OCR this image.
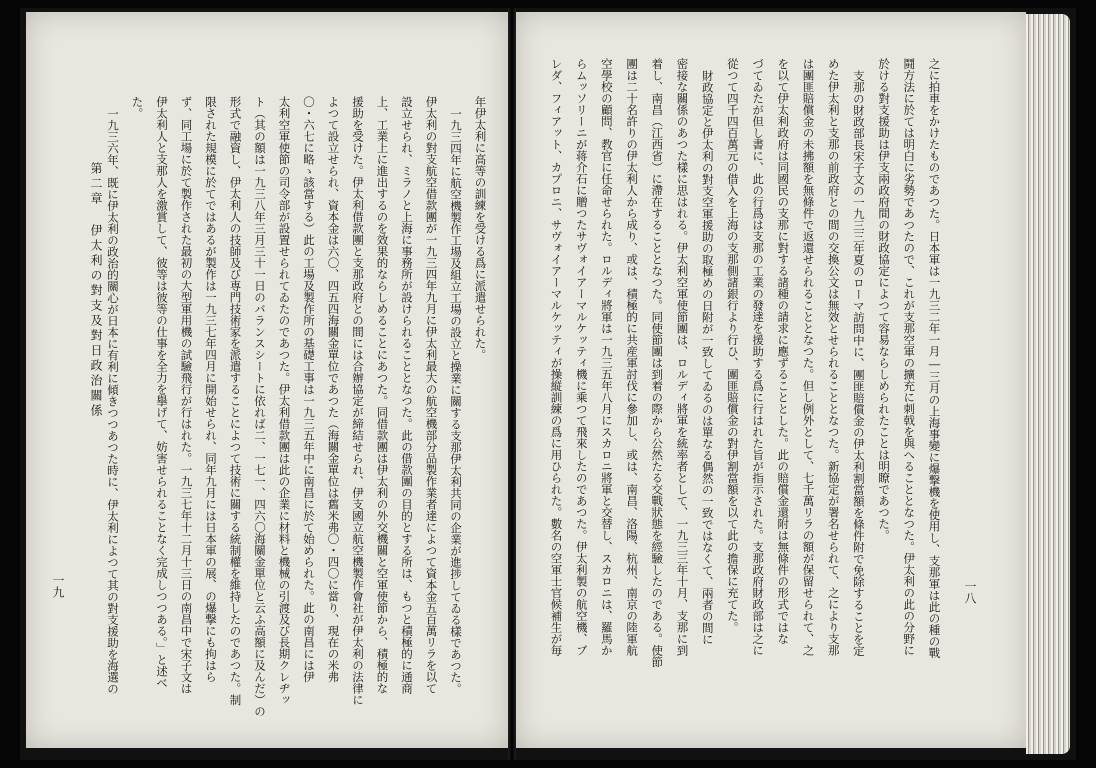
一九
第二章 伊太利の對支及對日政治關係	年伊太利に高等の訓練を受ける爲に派遣せられた。
一九三四年に航空機製作工場及組立工場の設立と操業に關する支那伊太利共同の企業が進捗してゐる樣であつた。
伊太利の對支航空借款團が一九三四年九月に伊太利最大の航空機部分品製作業者達によつて資本金五百萬リラを以て
設立せられ、ミラノと上海に事務所が設けられることとなつた。此の借款團の目的とする所は、もつと積極的に通商
上、工業上に進出するのを效果的ならしめることにあつた。同借款團は伊太利の外交機關と空軍使節から、積極的な
援助を受けた。伊太利借款團と支那政府との間には合辦協定が締結せられ、伊支國立航空機製作會社が伊太利の法律に
よつて設立せられ、資本金は六〇、四五四海關金單位であつた（海關金單位は舊米弗〇・四〇に當り、現在の米弗
〇・六七に略ゝ該當する）此の工場及製作所の基礎工事は一九三五年中に南昌に於て始められた。此の南昌には伊
太利空軍使節の司令部が設置せられてゐたのであつた。伊太利借款團は此の企業に材料と機械の引渡及び長期クレヂッ
ト（其の額は一九三八年三月三十一日のバランスシートに依れば二、一七一、四六〇海關金單位と云ふ高額に及んだ）の
形式で融資し、伊太利人の技師及び専門技術家を派遣することによつて技術に關する統制權を維持したのであつた。制
限された規模に於てではあるが製作は一九三七年四月に開始せられ、同年九月には日本軍の展、の爆撃にも拘はら
ず、同工場に於て製作された最初の大型軍用機の試驗飛行が行はれた。一九三七年十二月十三日の南昌中で宋子文は
伊太利人と支那人を激賞して、彼等は彼等の仕事を全力を擧げて、妨害せられることなく完成しつつある。」と述べ
た。
一九三六年、既に伊太利の政治的關心が日本に有利に傾きつつあつた時に、伊太利によつて其の對支援助を海選の	一八
之に拍車をかけたものであつた。日本軍は一九三二年一月―三月の上海事變に爆撃機を使用し、支那軍は此の種の戰
鬪方法に於ては明白に劣勢であつたので、これが支那空軍の擴充に刺戟を與へることとなつた。伊太利の此の分野に
於ける對支援助は伊支兩政府間の財政協定によつて容易ならしめられたことは明瞭であつた。
支那の財政部長宋子文の一九三三年夏のローマ訪問中に、團匪賠償金の伊太利割當額を條件附で免除することを定
めた伊太利と支那の前政府との間の交換公文は無效とせられることとなつた。新協定が署名せられて、之により支那
は團匪賠償金の未拂額を無條件で返還せられることとなつた。但し例外として、七千萬リラの額が保留せられて、之
を以て伊太利政府は同國民の支那に對する諸種の請求に應ずることとした。此の賠償金還附は無條件の形式ではな
づてゐたが但し書に、此の行爲は支那の工業の發達を援助する爲に行はれた旨が指示された。支那政府財政部は之に
從つて四千四百萬元の借入を上海の支那側諸銀行より行ひ、團匪賠償金の對伊割當額を以て此の擔保に充てた。
財政協定と伊太利の對支空軍援助の取極めの日附が一致してゐるのは單なる偶然の一致ではなくて、兩者の間に
密接な關係のあつた樣に思はれる。伊太利空軍使節團は、ロルディ將軍を統率者として、一九三三年十月、支那に到
着し、南昌（江西省）に滯在することとなつた。同使節團は到着の際から公然たる交戰狀態を經驗したのである。使節
團は二十名許りの伊太利人から成り、或は、積極的に共産軍討伐に參加し、或は、南昌、洛陽、杭州、南京の陸軍航
空學校の顧問、教官に任命せられた。ロルディ將軍は一九三五年八月にスカロニ將軍と交替し、スカロニは、羅馬か
らムッソリーニが蒋介石に贈つたサヴォイアーマルケッティ機に乘つて飛來したのであつた。伊太利製の航空機、ブ
レダ、フィアット、カプロニ、サヴォイアーマルケッティが操縦訓練の爲に用ひられた。數名の空軍士官候補生が毎
